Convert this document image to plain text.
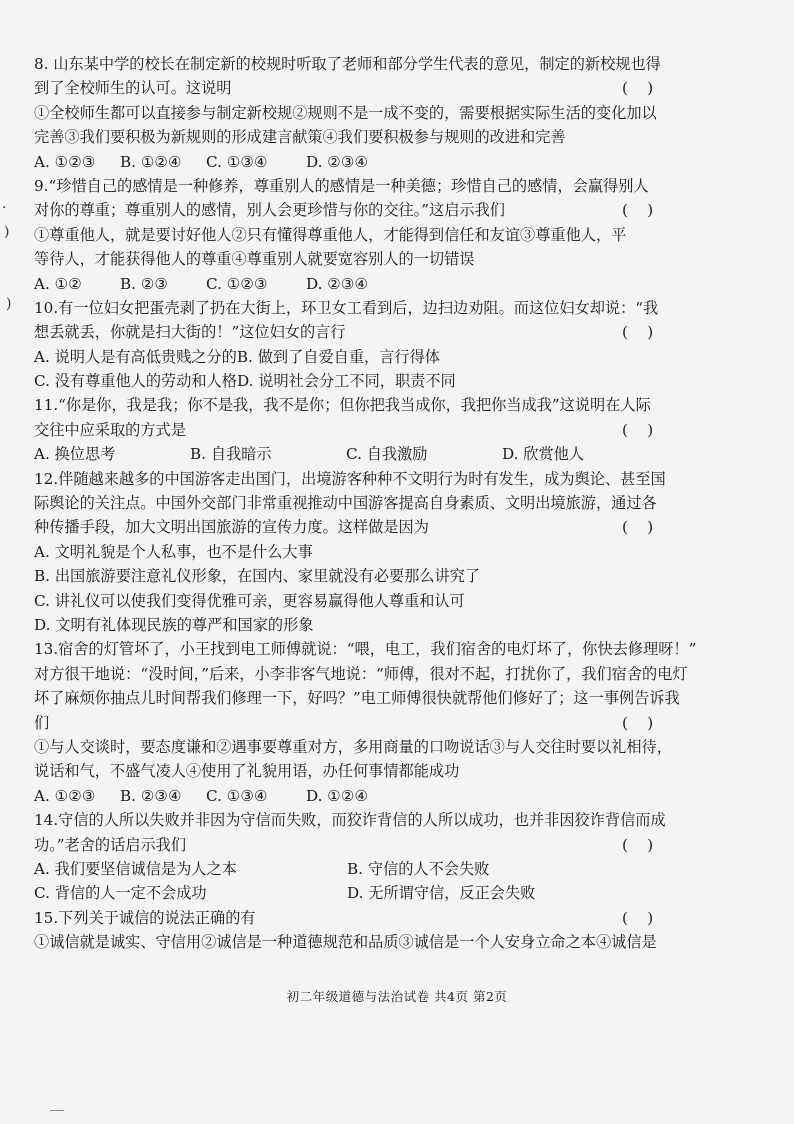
·
)
)
8. 山东某中学的校长在制定新的校规时听取了老师和部分学生代表的意见，制定的新校规也得
到了全校师生的认可。这说明	(    )
①全校师生都可以直接参与制定新校规②规则不是一成不变的，需要根据实际生活的变化加以
完善③我们要积极为新规则的形成建言献策④我们要积极参与规则的改进和完善
A. ①②③	B. ①②④	C. ①③④	D. ②③④
9.“珍惜自己的感情是一种修养，尊重别人的感情是一种美德；珍惜自己的感情，会赢得别人
对你的尊重；尊重别人的感情，别人会更珍惜与你的交往。”这启示我们	(    )
①尊重他人，就是要讨好他人②只有懂得尊重他人，才能得到信任和友谊③尊重他人，平
等待人，才能获得他人的尊重④尊重别人就要宽容别人的一切错误
A. ①②	B. ②③	C. ①②③	D. ②③④
10.有一位妇女把蛋壳剥了扔在大街上，环卫女工看到后，边扫边劝阻。而这位妇女却说：“我
想丢就丢，你就是扫大街的！”这位妇女的言行	(    )
A. 说明人是有高低贵贱之分的 B. 做到了自爱自重，言行得体
C. 没有尊重他人的劳动和人格 D. 说明社会分工不同，职责不同
11.“你是你，我是我；你不是我，我不是你；但你把我当成你，我把你当成我”这说明在人际
交往中应采取的方式是	(    )
A. 换位思考	B. 自我暗示	C. 自我激励	D. 欣赏他人
12.伴随越来越多的中国游客走出国门，出境游客种种不文明行为时有发生，成为舆论、甚至国
际舆论的关注点。中国外交部门非常重视推动中国游客提高自身素质、文明出境旅游，通过各
种传播手段，加大文明出国旅游的宣传力度。这样做是因为	(    )
A. 文明礼貌是个人私事，也不是什么大事
B. 出国旅游要注意礼仪形象，在国内、家里就没有必要那么讲究了
C. 讲礼仪可以使我们变得优雅可亲，更容易赢得他人尊重和认可
D. 文明有礼体现民族的尊严和国家的形象
13.宿舍的灯管坏了，小王找到电工师傅就说：“喂，电工，我们宿舍的电灯坏了，你快去修理呀！”
对方很干地说：“没时间，”后来，小李非客气地说：“师傅，很对不起，打扰你了，我们宿舍的电灯
坏了麻烦你抽点儿时间帮我们修理一下，好吗？”电工师傅很快就帮他们修好了；这一事例告诉我
们	(    )
①与人交谈时，要态度谦和②遇事要尊重对方，多用商量的口吻说话③与人交往时要以礼相待，
说话和气，不盛气凌人④使用了礼貌用语，办任何事情都能成功
A. ①②③	B. ②③④	C. ①③④	D. ①②④
14.守信的人所以失败并非因为守信而失败，而狡诈背信的人所以成功，也并非因狡诈背信而成
功。”老舍的话启示我们	(    )
A. 我们要坚信诚信是为人之本	B. 守信的人不会失败
C. 背信的人一定不会成功	D. 无所谓守信，反正会失败
15.下列关于诚信的说法正确的有	(    )
①诚信就是诚实、守信用②诚信是一种道德规范和品质③诚信是一个人安身立命之本④诚信是
初二年级道德与法治试卷 共4页 第2页
